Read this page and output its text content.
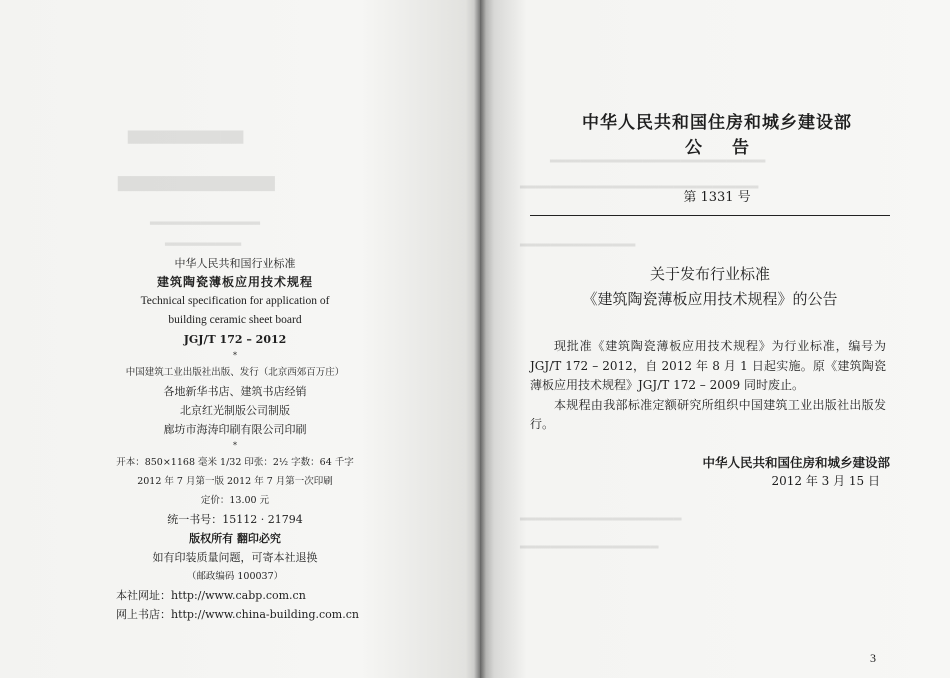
▆▆▆▆▆▆▆▆▆▆
▆▆▆▆▆▆▆▆▆▆▆▆
▂▂▂▂▂▂▂▂▂▂▂▂▂
▂▂▂▂▂▂▂▂▂
中华人民共和国行业标准
建筑陶瓷薄板应用技术规程
Technical specification for application of
building ceramic sheet board
JGJ/T 172 – 2012
*
中国建筑工业出版社出版、发行（北京西郊百万庄）
各地新华书店、建筑书店经销
北京红光制版公司制版
廊坊市海涛印刷有限公司印刷
*
开本：850×1168 毫米 1/32 印张：2½ 字数：64 千字
2012 年 7 月第一版 2012 年 7 月第一次印刷
定价：13.00 元
统一书号：15112 · 21794
版权所有 翻印必究
如有印装质量问题，可寄本社退换
（邮政编码 100037）
本社网址：http://www.cabp.com.cn
网上书店：http://www.china-building.com.cn
▂▂▂▂▂▂▂▂▂▂▂▂▂▂▂▂▂▂▂▂▂▂▂▂▂▂▂▂
▂▂▂▂▂▂▂▂▂▂▂▂▂▂▂▂▂▂▂▂▂▂▂▂▂▂▂▂▂▂▂
▂▂▂▂▂▂▂▂▂▂▂▂▂▂▂
▂▂▂▂▂▂▂▂▂▂▂▂▂▂▂▂▂▂▂▂▂
▂▂▂▂▂▂▂▂▂▂▂▂▂▂▂▂▂▂
中华人民共和国住房和城乡建设部
公告
第 1331 号
关于发布行业标准
《建筑陶瓷薄板应用技术规程》的公告

现批准《建筑陶瓷薄板应用技术规程》为行业标准，编号为 JGJ/T 172 – 2012，自 2012 年 8 月 1 日起实施。原《建筑陶瓷薄板应用技术规程》JGJ/T 172 – 2009 同时废止。

本规程由我部标准定额研究所组织中国建筑工业出版社出版发行。

中华人民共和国住房和城乡建设部
2012 年 3 月 15 日
3
